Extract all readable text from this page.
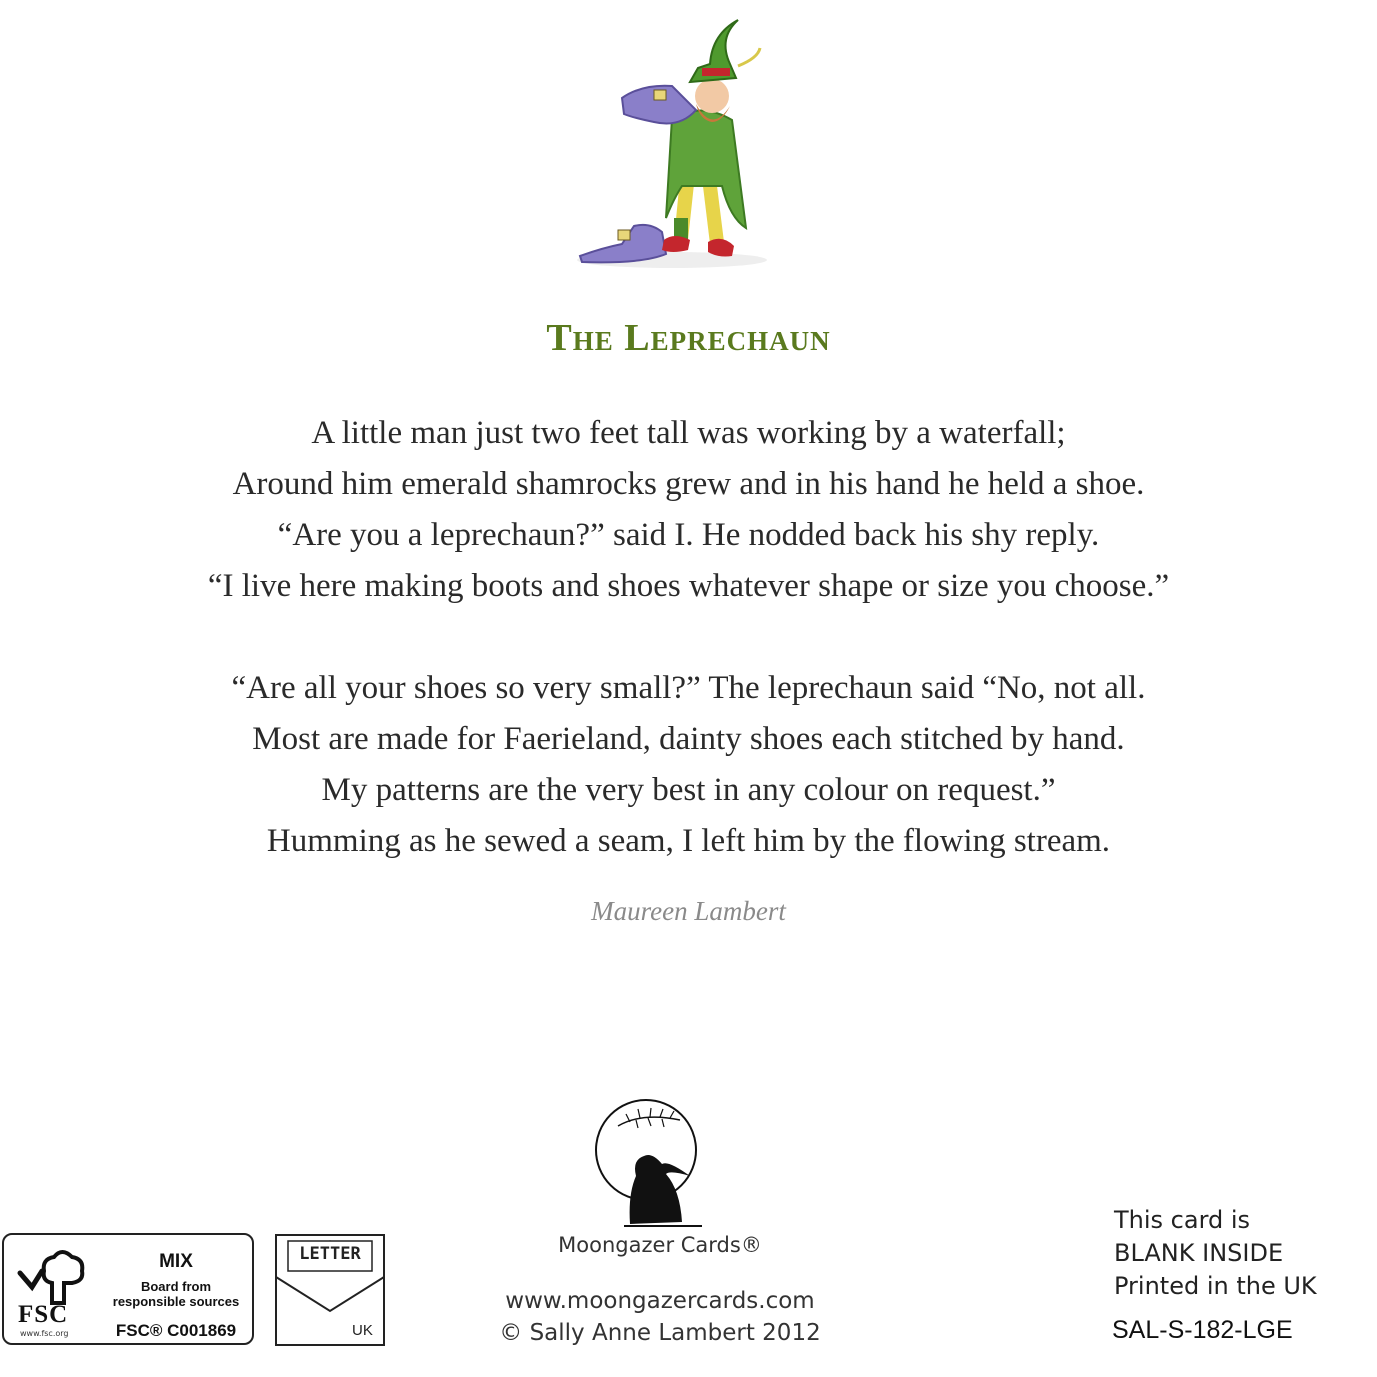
The Leprechaun
A little man just two feet tall was working by a waterfall;
Around him emerald shamrocks grew and in his hand he held a shoe.
“Are you a leprechaun?” said I. He nodded back his shy reply.
“I live here making boots and shoes whatever shape or size you choose.”
“Are all your shoes so very small?” The leprechaun said “No, not all.
Most are made for Faerieland, dainty shoes each stitched by hand.
My patterns are the very best in any colour on request.”
Humming as he sewed a seam, I left him by the flowing stream.
Maureen Lambert
Moongazer Cards®
www.moongazercards.com
© Sally Anne Lambert 2012
FSC
www.fsc.org
MIX
Board from
responsible sources
FSC® C001869
LETTER
UK
This card is
BLANK INSIDE
Printed in the UK
SAL-S-182-LGE
